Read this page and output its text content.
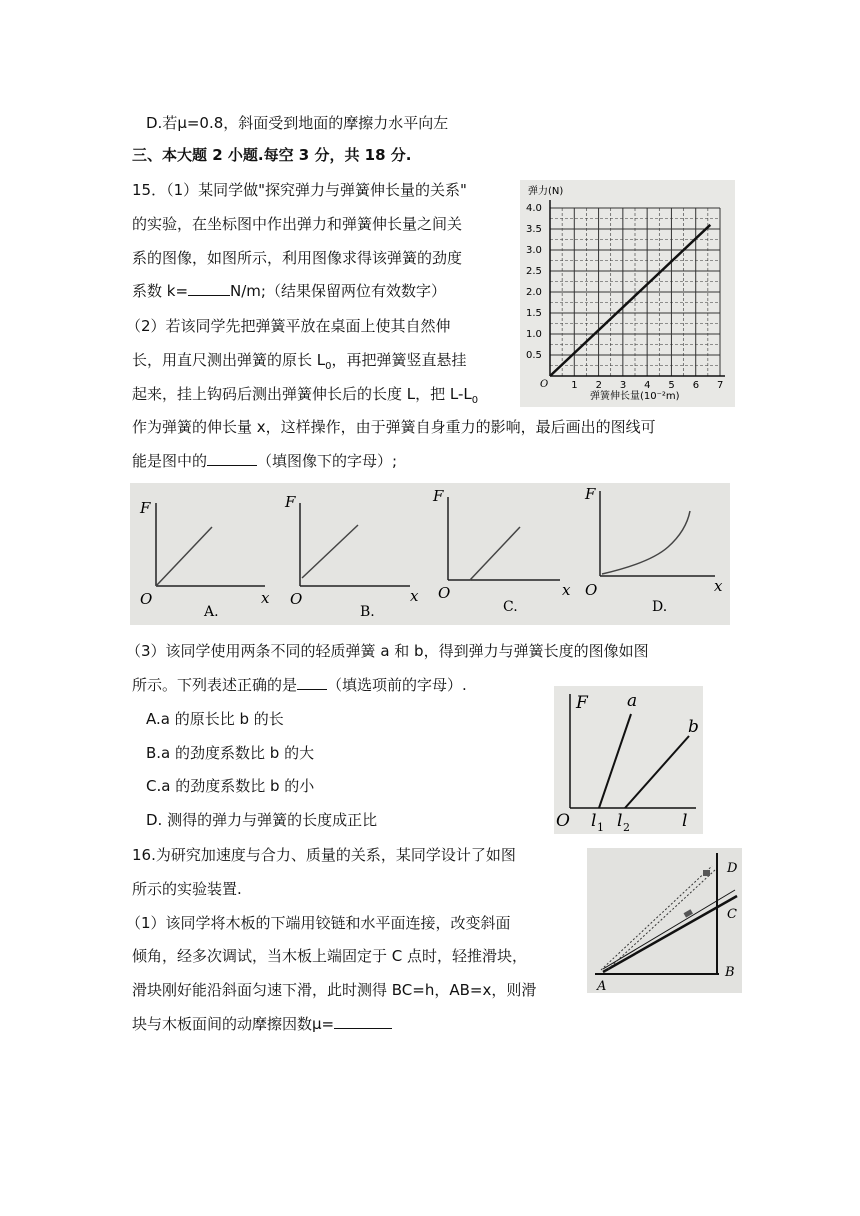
D.若μ=0.8，斜面受到地面的摩擦力水平向左
三、本大题 2 小题.每空 3 分，共 18 分.
15．（1）某同学做"探究弹力与弹簧伸长量的关系"
的实验，在坐标图中作出弹力和弹簧伸长量之间关
系的图像，如图所示，利用图像求得该弹簧的劲度
系数 k=	N/m;（结果保留两位有效数字）
（2）若该同学先把弹簧平放在桌面上使其自然伸
长，用直尺测出弹簧的原长 $L_0$，再把弹簧竖直悬挂
起来，挂上钩码后测出弹簧伸长后的长度 L，把 $L-L_0$
作为弹簧的伸长量 x，这样操作，由于弹簧自身重力的影响，最后画出的图线可
能是图中的	（填图像下的字母）;
（3）该同学使用两条不同的轻质弹簧 a 和 b，得到弹力与弹簧长度的图像如图
所示。下列表述正确的是 （填选项前的字母）.
A.a 的原长比 b 的长
B.a 的劲度系数比 b 的大
C.a 的劲度系数比 b 的小
D. 测得的弹力与弹簧的长度成正比
16.为研究加速度与合力、质量的关系，某同学设计了如图
所示的实验装置.
（1）该同学将木板的下端用铰链和水平面连接，改变斜面
倾角，经多次调试，当木板上端固定于 C 点时，轻推滑块，
滑块刚好能沿斜面匀速下滑，此时测得 BC=h，AB=x，则滑
块与木板面间的动摩擦因数μ=
0.5
1.0
1.5
2.0
2.5
3.0
3.5
4.0
1 2 3 4 5 6 7
弹力(N)
弹簧伸长量(10⁻²m)
O
F
O	x
A.
F
O	x
B.
F
O	x
C.
F
O	x
D.
F a
b
O l 1 l 2	l
A
B
C
D
